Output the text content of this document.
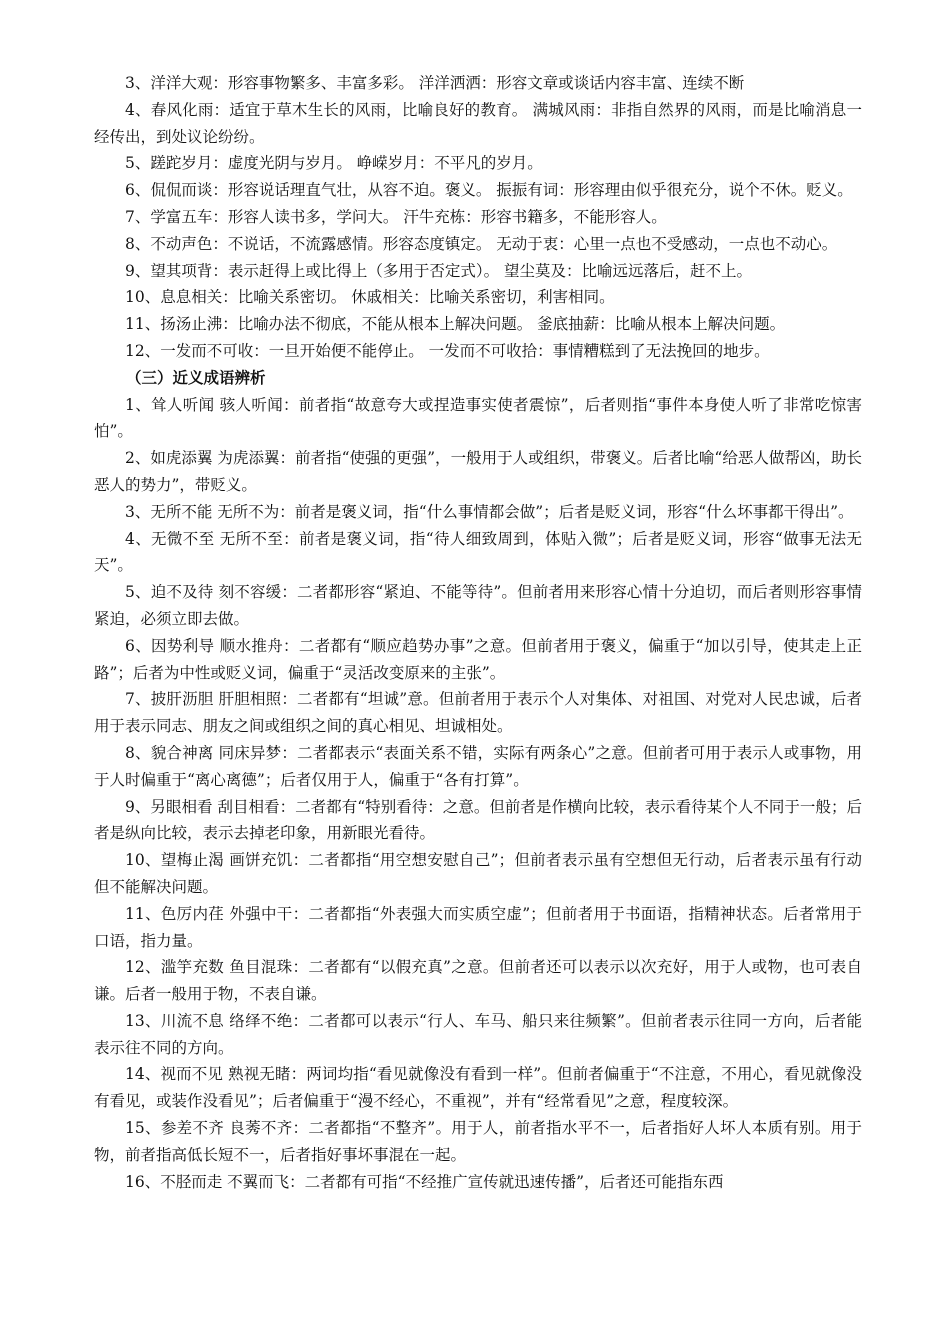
3、洋洋大观：形容事物繁多、丰富多彩。 洋洋洒洒：形容文章或谈话内容丰富、连续不断

4、春风化雨：适宜于草木生长的风雨，比喻良好的教育。 满城风雨：非指自然界的风雨，而是比喻消息一经传出，到处议论纷纷。

5、蹉跎岁月：虚度光阴与岁月。 峥嵘岁月：不平凡的岁月。

6、侃侃而谈：形容说话理直气壮，从容不迫。褒义。 振振有词：形容理由似乎很充分，说个不休。贬义。

7、学富五车：形容人读书多，学问大。 汗牛充栋：形容书籍多，不能形容人。

8、不动声色：不说话，不流露感情。形容态度镇定。 无动于衷：心里一点也不受感动，一点也不动心。

9、望其项背：表示赶得上或比得上（多用于否定式）。 望尘莫及：比喻远远落后，赶不上。

10、息息相关：比喻关系密切。 休戚相关：比喻关系密切，利害相同。

11、扬汤止沸：比喻办法不彻底，不能从根本上解决问题。 釜底抽薪：比喻从根本上解决问题。

12、一发而不可收：一旦开始便不能停止。 一发而不可收拾：事情糟糕到了无法挽回的地步。

（三）近义成语辨析

1、耸人听闻 骇人听闻：前者指“故意夸大或捏造事实使者震惊”，后者则指“事件本身使人听了非常吃惊害怕”。

2、如虎添翼 为虎添翼：前者指“使强的更强”，一般用于人或组织，带褒义。后者比喻“给恶人做帮凶，助长恶人的势力”，带贬义。

3、无所不能 无所不为：前者是褒义词，指“什么事情都会做”；后者是贬义词，形容“什么坏事都干得出”。

4、无微不至 无所不至：前者是褒义词，指“待人细致周到，体贴入微”；后者是贬义词，形容“做事无法无天”。

5、迫不及待 刻不容缓：二者都形容“紧迫、不能等待”。但前者用来形容心情十分迫切，而后者则形容事情紧迫，必须立即去做。

6、因势利导 顺水推舟：二者都有“顺应趋势办事”之意。但前者用于褒义，偏重于“加以引导，使其走上正路”；后者为中性或贬义词，偏重于“灵活改变原来的主张”。

7、披肝沥胆 肝胆相照：二者都有“坦诚”意。但前者用于表示个人对集体、对祖国、对党对人民忠诚，后者用于表示同志、朋友之间或组织之间的真心相见、坦诚相处。

8、貌合神离 同床异梦：二者都表示“表面关系不错，实际有两条心”之意。但前者可用于表示人或事物，用于人时偏重于“离心离德”；后者仅用于人，偏重于“各有打算”。

9、另眼相看 刮目相看：二者都有“特别看待：之意。但前者是作横向比较，表示看待某个人不同于一般；后者是纵向比较，表示去掉老印象，用新眼光看待。

10、望梅止渴 画饼充饥：二者都指“用空想安慰自己”；但前者表示虽有空想但无行动，后者表示虽有行动但不能解决问题。

11、色厉内荏 外强中干：二者都指“外表强大而实质空虚”；但前者用于书面语，指精神状态。后者常用于口语，指力量。

12、滥竽充数 鱼目混珠：二者都有“以假充真”之意。但前者还可以表示以次充好，用于人或物，也可表自谦。后者一般用于物，不表自谦。

13、川流不息 络绎不绝：二者都可以表示“行人、车马、船只来往频繁”。但前者表示往同一方向，后者能表示往不同的方向。

14、视而不见 熟视无睹：两词均指“看见就像没有看到一样”。但前者偏重于“不注意，不用心，看见就像没有看见，或装作没看见”；后者偏重于“漫不经心，不重视”，并有“经常看见”之意，程度较深。

15、参差不齐 良莠不齐：二者都指“不整齐”。用于人，前者指水平不一，后者指好人坏人本质有别。用于物，前者指高低长短不一，后者指好事坏事混在一起。

16、不胫而走 不翼而飞：二者都有可指“不经推广宣传就迅速传播”，后者还可能指东西
